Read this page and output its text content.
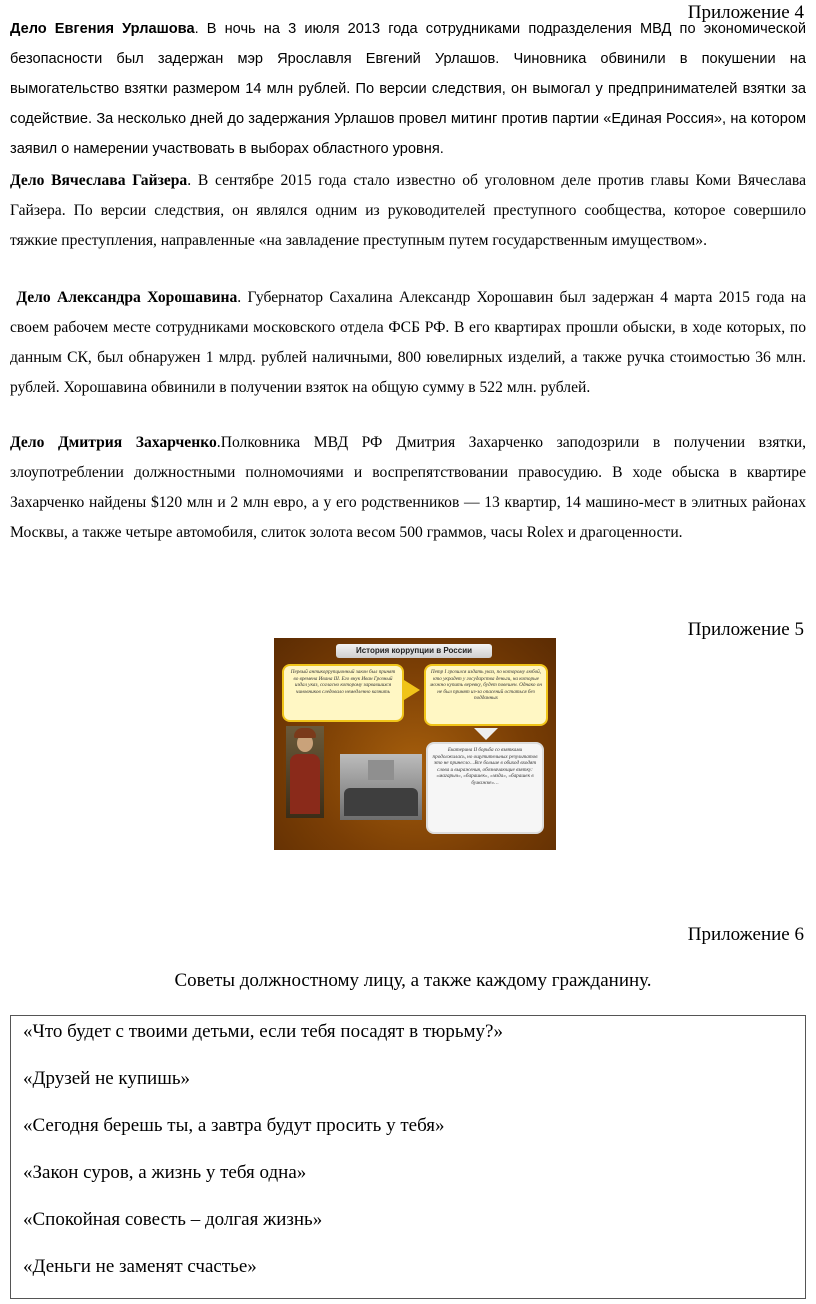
Приложение 4

Дело Евгения Урлашова. В ночь на 3 июля 2013 года сотрудниками подразделения МВД по экономической безопасности был задержан мэр Ярославля Евгений Урлашов. Чиновника обвинили в покушении на вымогательство взятки размером 14 млн рублей. По версии следствия, он вымогал у предпринимателей взятки за содействие. За несколько дней до задержания Урлашов провел митинг против партии «Единая Россия», на котором заявил о намерении участвовать в выборах областного уровня.

Дело Вячеслава Гайзера. В сентябре 2015 года стало известно об уголовном деле против главы Коми Вячеслава Гайзера. По версии следствия, он являлся одним из руководителей преступного сообщества, которое совершило тяжкие преступления, направленные «на завладение преступным путем государственным имуществом».

Дело Александра Хорошавина. Губернатор Сахалина Александр Хорошавин был задержан 4 марта 2015 года на своем рабочем месте сотрудниками московского отдела ФСБ РФ. В его квартирах прошли обыски, в ходе которых, по данным СК, был обнаружен 1 млрд. рублей наличными, 800 ювелирных изделий, а также ручка стоимостью 36 млн. рублей. Хорошавина обвинили в получении взяток на общую сумму в 522 млн. рублей.

Дело Дмитрия Захарченко.Полковника МВД РФ Дмитрия Захарченко заподозрили в получении взятки, злоупотреблении должностными полномочиями и воспрепятствовании правосудию. В ходе обыска в квартире Захарченко найдены $120 млн и 2 млн евро, а у его родственников — 13 квартир, 14 машино-мест в элитных районах Москвы, а также четыре автомобиля, слиток золота весом 500 граммов, часы Rolex и драгоценности.

Приложение 5
История коррупции в России
Первый антикоррупционный закон был принят во времена Ивана III. Его внук Иван Грозный издал указ, согласно которому зарвавшихся чиновников следовало немедленно казнить
Петр I грозился издать указ, по которому любой, кто украдет у государства деньги, на которые можно купить веревку, будет повешен. Однако он не был принят из-за опасений остаться без подданных
Екатерина II борьба со взятками продолжилась, но ощутительных результатов это не принесло…Все больше в обиход входят слова и выражения, обозначающие взятку: «магарыч», «барашек», «мзда», «барашек в бумажке»…
Приложение 6
Советы должностному лицу, а также каждому гражданину.
«Что будет с твоими детьми, если тебя посадят в тюрьму?»
«Друзей не купишь»
«Сегодня берешь ты, а завтра будут просить у тебя»
«Закон суров, а жизнь у тебя одна»
«Спокойная совесть – долгая жизнь»
«Деньги не заменят счастье»
